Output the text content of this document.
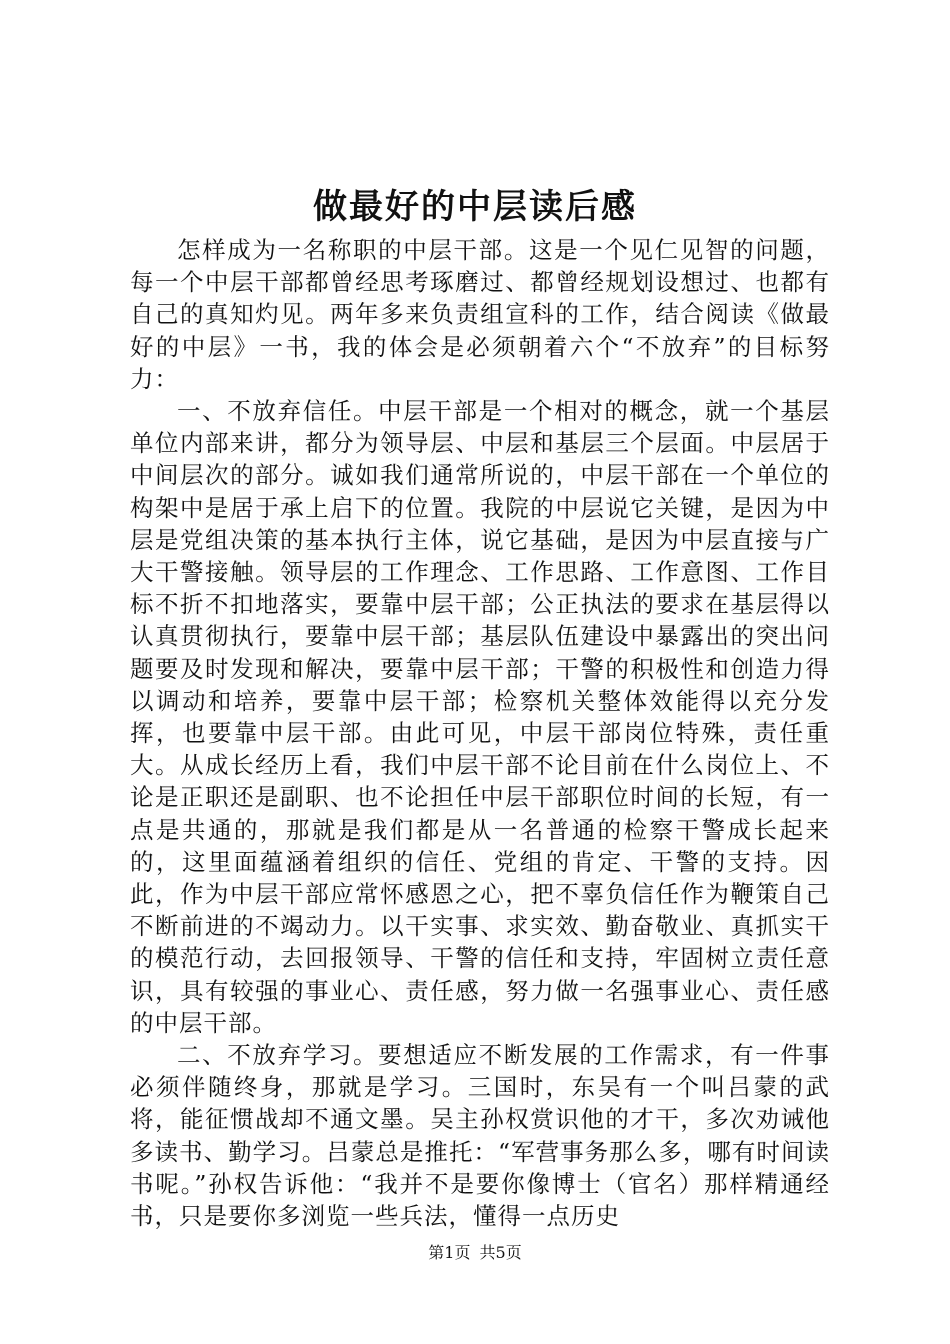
做最好的中层读后感

怎样成为一名称职的中层干部。这是一个见仁见智的问题，每一个中层干部都曾经思考琢磨过、都曾经规划设想过、也都有自己的真知灼见。两年多来负责组宣科的工作，结合阅读《做最好的中层》一书，我的体会是必须朝着六个“不放弃”的目标努力：

一、不放弃信任。中层干部是一个相对的概念，就一个基层单位内部来讲，都分为领导层、中层和基层三个层面。中层居于中间层次的部分。诚如我们通常所说的，中层干部在一个单位的构架中是居于承上启下的位置。我院的中层说它关键，是因为中层是党组决策的基本执行主体，说它基础，是因为中层直接与广大干警接触。领导层的工作理念、工作思路、工作意图、工作目标不折不扣地落实，要靠中层干部；公正执法的要求在基层得以认真贯彻执行，要靠中层干部；基层队伍建设中暴露出的突出问题要及时发现和解决，要靠中层干部；干警的积极性和创造力得以调动和培养，要靠中层干部；检察机关整体效能得以充分发挥，也要靠中层干部。由此可见，中层干部岗位特殊，责任重大。从成长经历上看，我们中层干部不论目前在什么岗位上、不论是正职还是副职、也不论担任中层干部职位时间的长短，有一点是共通的，那就是我们都是从一名普通的检察干警成长起来的，这里面蕴涵着组织的信任、党组的肯定、干警的支持。因此，作为中层干部应常怀感恩之心，把不辜负信任作为鞭策自己不断前进的不竭动力。以干实事、求实效、勤奋敬业、真抓实干的模范行动，去回报领导、干警的信任和支持，牢固树立责任意识，具有较强的事业心、责任感，努力做一名强事业心、责任感的中层干部。

二、不放弃学习。要想适应不断发展的工作需求，有一件事必须伴随终身，那就是学习。三国时，东吴有一个叫吕蒙的武将，能征惯战却不通文墨。吴主孙权赏识他的才干，多次劝诫他多读书、勤学习。吕蒙总是推托：“军营事务那么多，哪有时间读书呢。”孙权告诉他：“我并不是要你像博士（官名）那样精通经书，只是要你多浏览一些兵法，懂得一点历史

第1页 共5页
